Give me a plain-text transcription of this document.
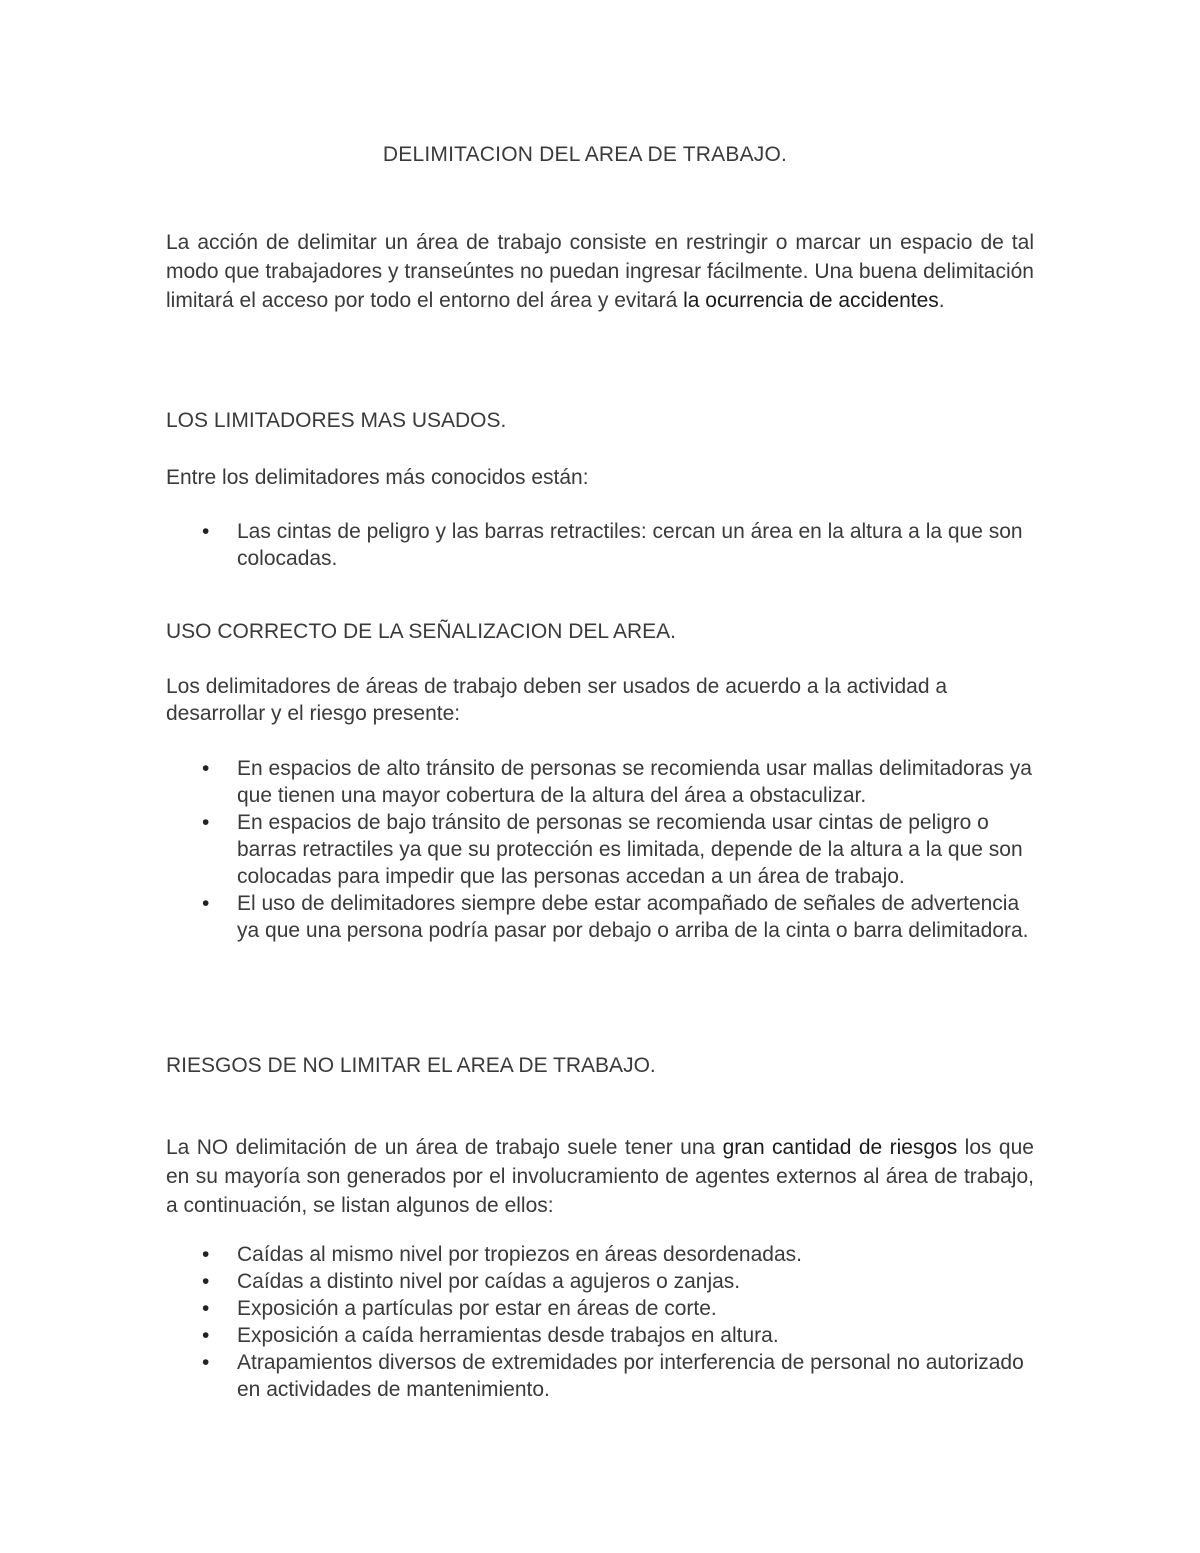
DELIMITACION DEL AREA DE TRABAJO.

La acción de delimitar un área de trabajo consiste en restringir o marcar un espacio de tal modo que trabajadores y transeúntes no puedan ingresar fácilmente. Una buena delimitación limitará el acceso por todo el entorno del área y evitará la ocurrencia de accidentes.

LOS LIMITADORES MAS USADOS.
Entre los delimitadores más conocidos están:
• Las cintas de peligro y las barras retractiles: cercan un área en la altura a la que son colocadas.
USO CORRECTO DE LA SEÑALIZACION DEL AREA.
Los delimitadores de áreas de trabajo deben ser usados de acuerdo a la actividad a desarrollar y el riesgo presente:
• En espacios de alto tránsito de personas se recomienda usar mallas delimitadoras ya que tienen una mayor cobertura de la altura del área a obstaculizar.
• En espacios de bajo tránsito de personas se recomienda usar cintas de peligro o barras retractiles ya que su protección es limitada, depende de la altura a la que son colocadas para impedir que las personas accedan a un área de trabajo.
• El uso de delimitadores siempre debe estar acompañado de señales de advertencia ya que una persona podría pasar por debajo o arriba de la cinta o barra delimitadora.
RIESGOS DE NO LIMITAR EL AREA DE TRABAJO.

La NO delimitación de un área de trabajo suele tener una gran cantidad de riesgos los que en su mayoría son generados por el involucramiento de agentes externos al área de trabajo, a continuación, se listan algunos de ellos:

• Caídas al mismo nivel por tropiezos en áreas desordenadas.
• Caídas a distinto nivel por caídas a agujeros o zanjas.
• Exposición a partículas por estar en áreas de corte.
• Exposición a caída herramientas desde trabajos en altura.
• Atrapamientos diversos de extremidades por interferencia de personal no autorizado en actividades de mantenimiento.
